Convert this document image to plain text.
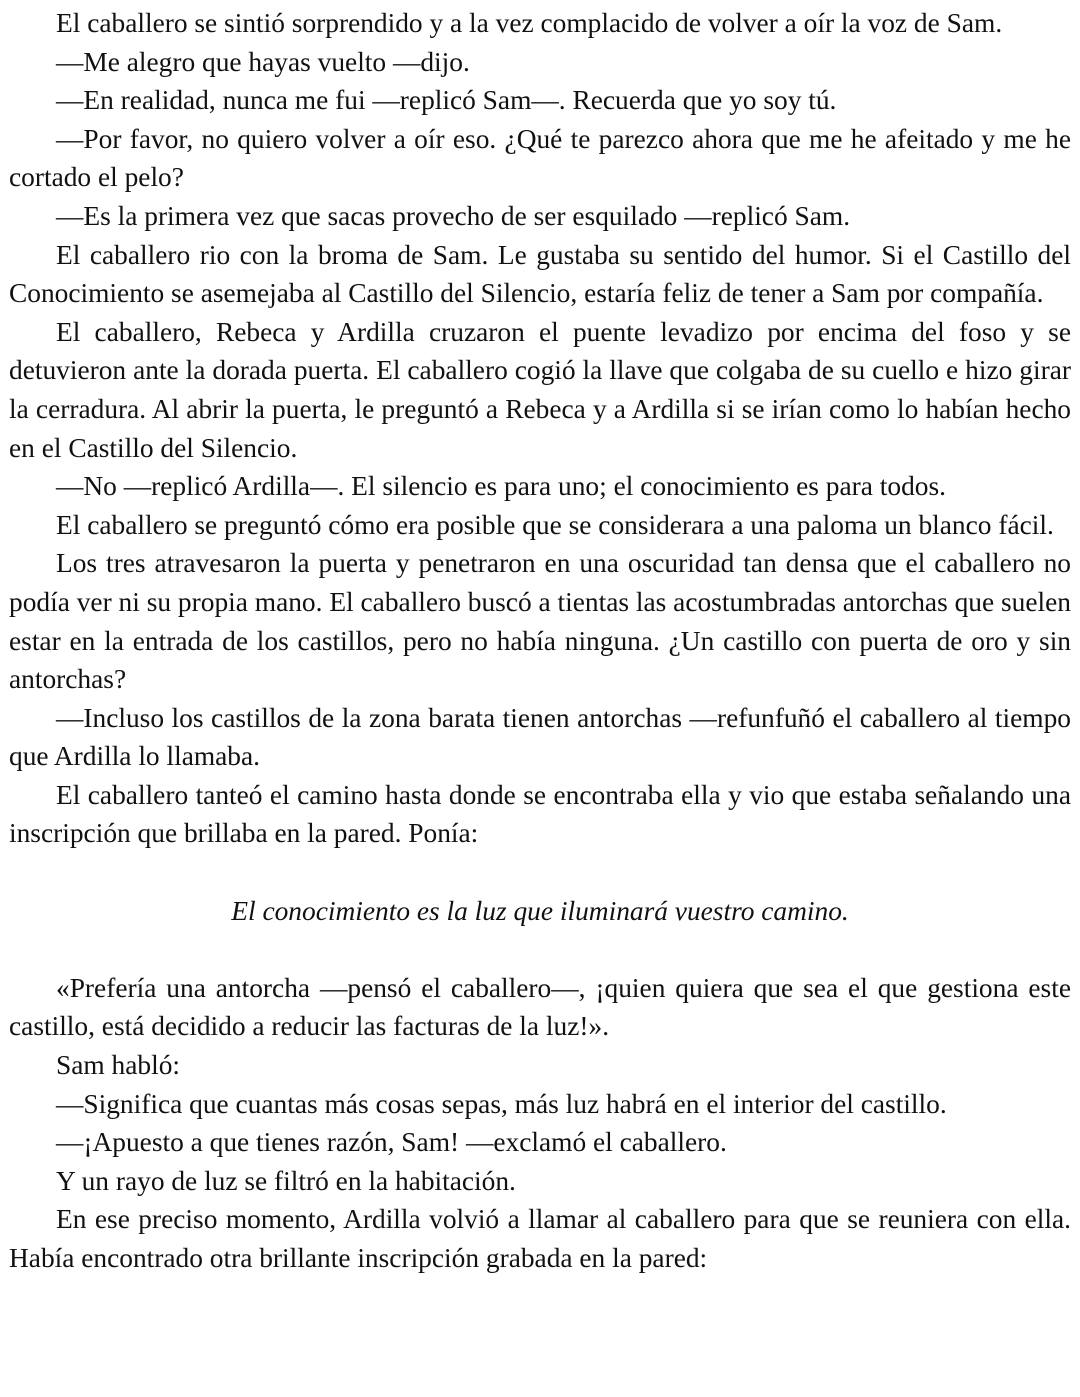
El caballero se sintió sorprendido y a la vez complacido de volver a oír la voz de Sam.

—Me alegro que hayas vuelto —dijo.

—En realidad, nunca me fui —replicó Sam—. Recuerda que yo soy tú.

—Por favor, no quiero volver a oír eso. ¿Qué te parezco ahora que me he afeitado y me he cortado el pelo?

—Es la primera vez que sacas provecho de ser esquilado —replicó Sam.

El caballero rio con la broma de Sam. Le gustaba su sentido del humor. Si el Castillo del Conocimiento se asemejaba al Castillo del Silencio, estaría feliz de tener a Sam por compañía.

El caballero, Rebeca y Ardilla cruzaron el puente levadizo por encima del foso y se detuvieron ante la dorada puerta. El caballero cogió la llave que colgaba de su cuello e hizo girar la cerradura. Al abrir la puerta, le preguntó a Rebeca y a Ardilla si se irían como lo habían hecho en el Castillo del Silencio.

—No —replicó Ardilla—. El silencio es para uno; el conocimiento es para todos.

El caballero se preguntó cómo era posible que se considerara a una paloma un blanco fácil.

Los tres atravesaron la puerta y penetraron en una oscuridad tan densa que el caballero no podía ver ni su propia mano. El caballero buscó a tientas las acostumbradas antorchas que suelen estar en la entrada de los castillos, pero no había ninguna. ¿Un castillo con puerta de oro y sin antorchas?

—Incluso los castillos de la zona barata tienen antorchas —refunfuñó el caballero al tiempo que Ardilla lo llamaba.

El caballero tanteó el camino hasta donde se encontraba ella y vio que estaba señalando una inscripción que brillaba en la pared. Ponía:

El conocimiento es la luz que iluminará vuestro camino.

«Prefería una antorcha —pensó el caballero—, ¡quien quiera que sea el que gestiona este castillo, está decidido a reducir las facturas de la luz!».

Sam habló:

—Significa que cuantas más cosas sepas, más luz habrá en el interior del castillo.

—¡Apuesto a que tienes razón, Sam! —exclamó el caballero.

Y un rayo de luz se filtró en la habitación.

En ese preciso momento, Ardilla volvió a llamar al caballero para que se reuniera con ella. Había encontrado otra brillante inscripción grabada en la pared:
